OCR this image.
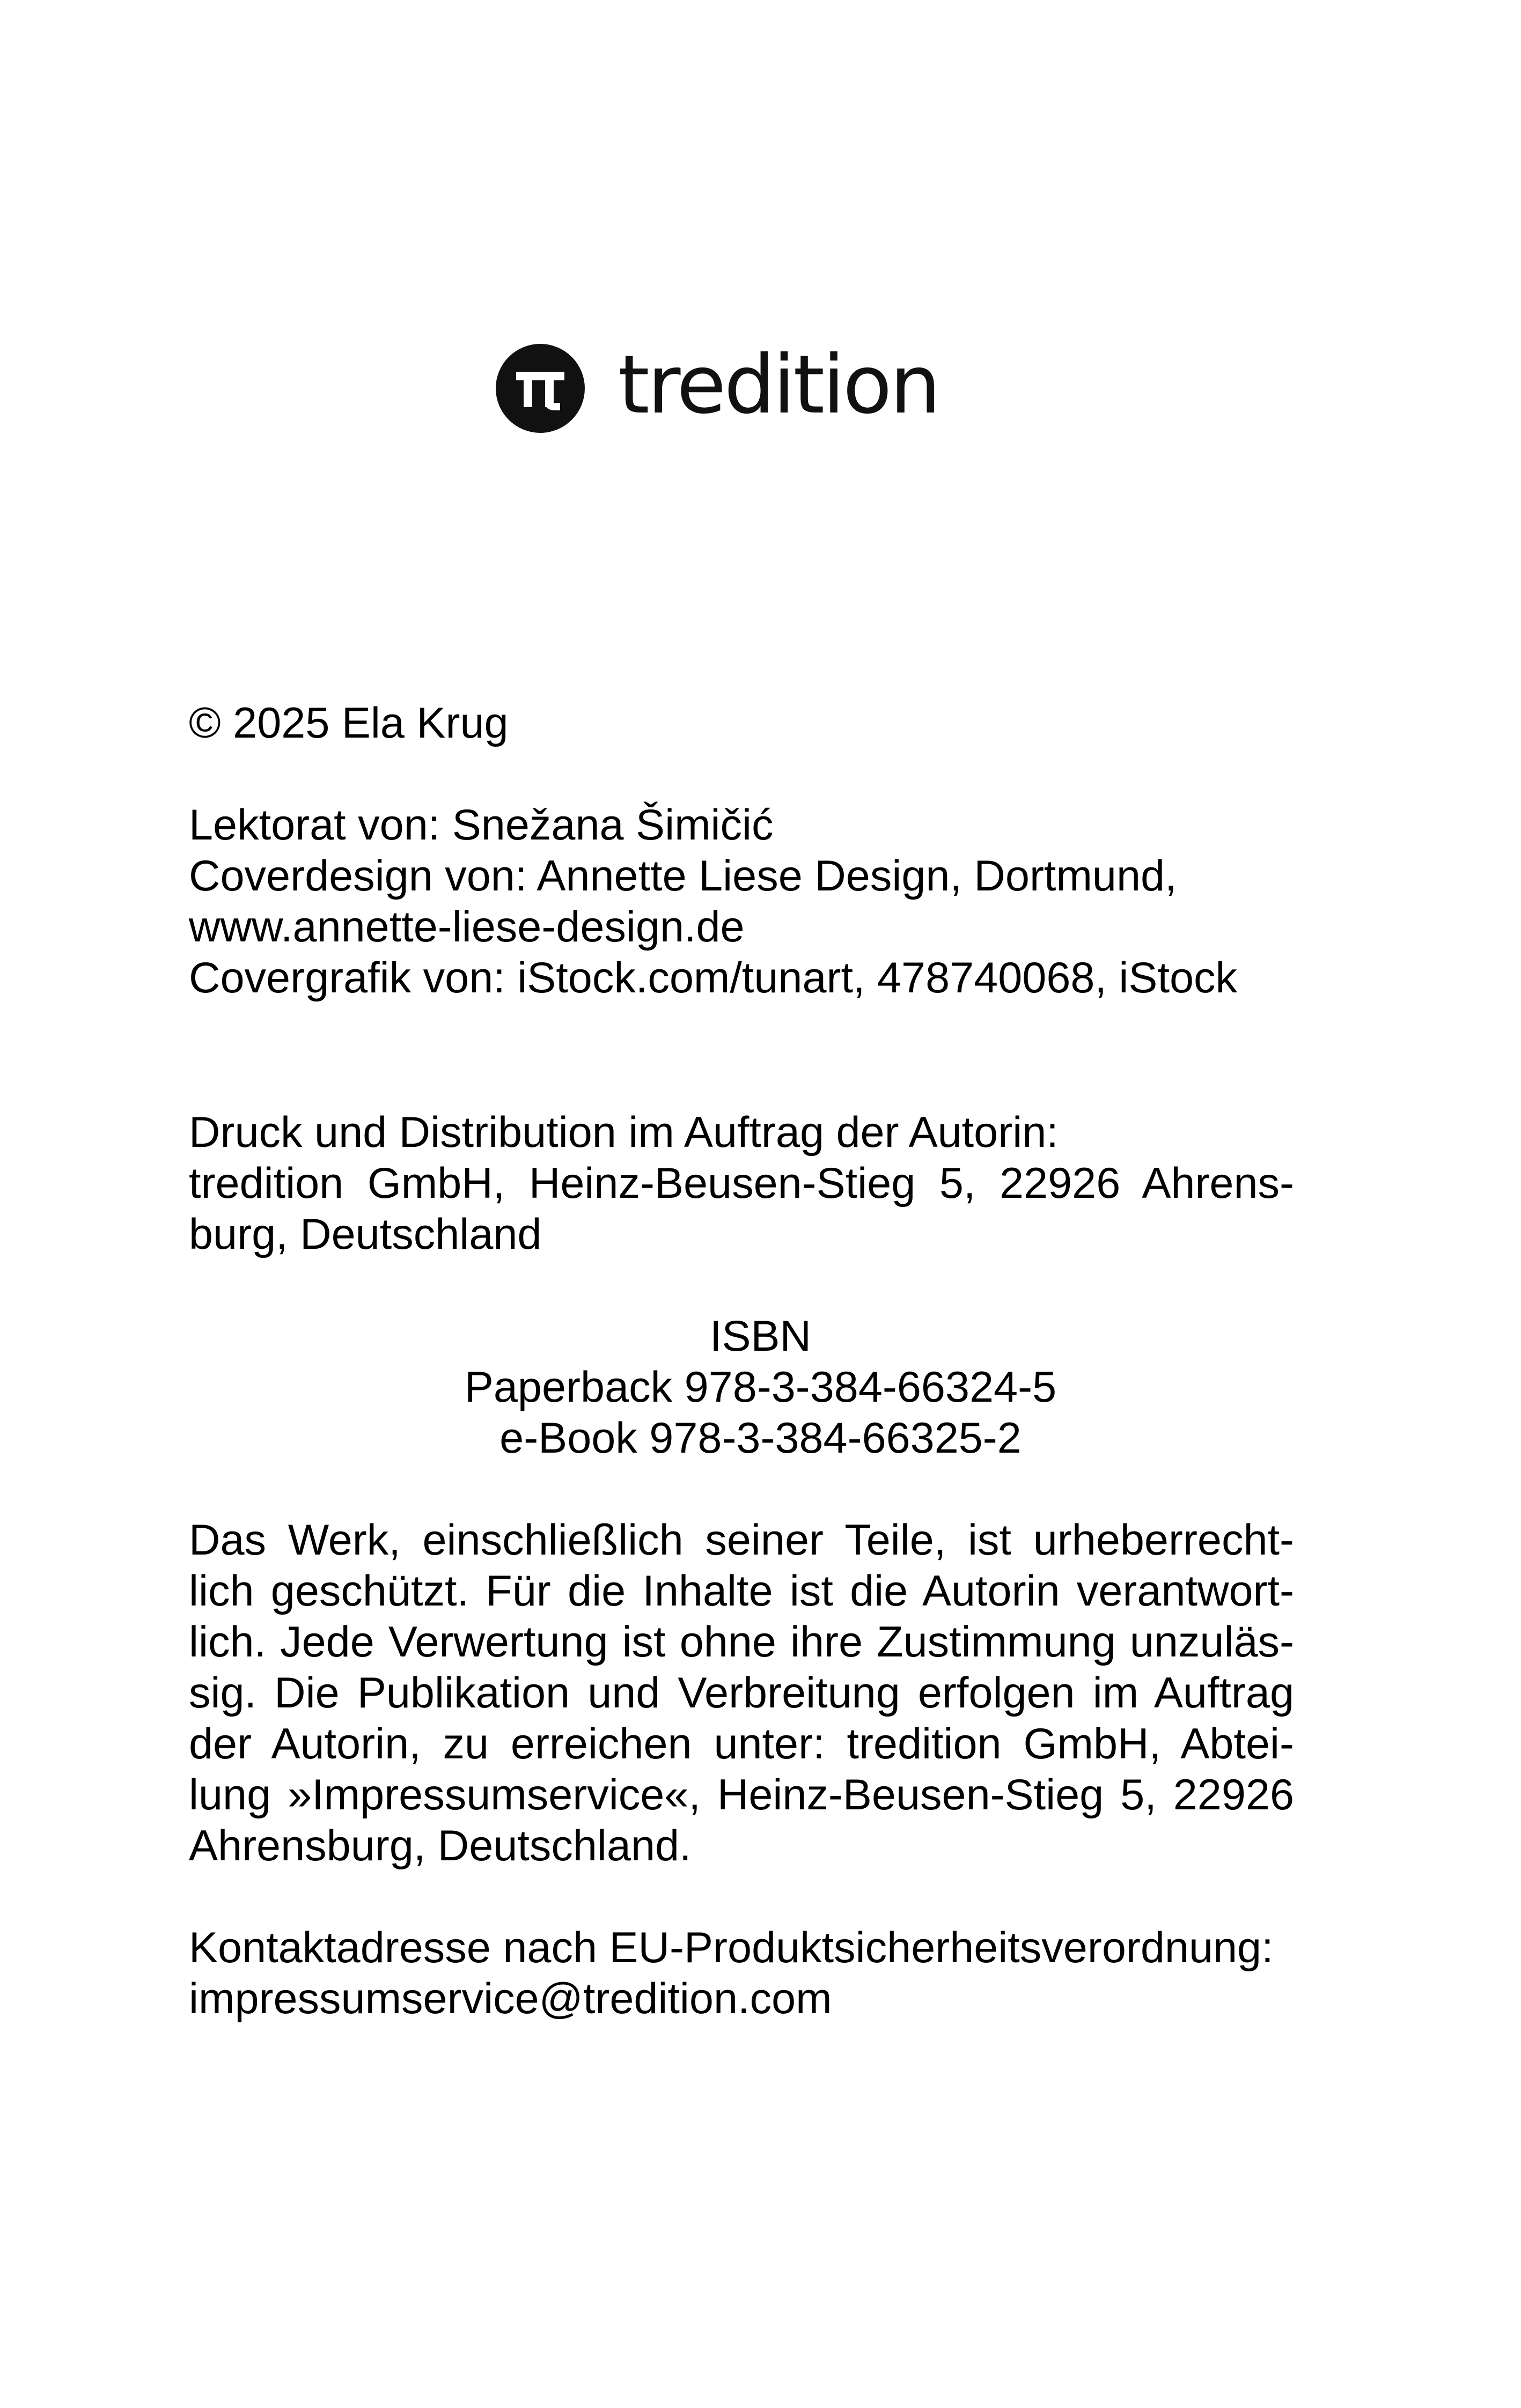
tredition
© 2025 Ela Krug
Lektorat von: Snežana Šimičić
Coverdesign von: Annette Liese Design, Dortmund,
www.annette-liese-design.de
Covergrafik von: iStock.com/tunart, 478740068, iStock
Druck und Distribution im Auftrag der Autorin:
tredition GmbH, Heinz-Beusen-Stieg 5, 22926 Ahrens-
burg, Deutschland
ISBN
Paperback 978-3-384-66324-5
e-Book 978-3-384-66325-2
Das Werk, einschließlich seiner Teile, ist urheberrecht-
lich geschützt. Für die Inhalte ist die Autorin verantwort-
lich. Jede Verwertung ist ohne ihre Zustimmung unzuläs-
sig. Die Publikation und Verbreitung erfolgen im Auftrag
der Autorin, zu erreichen unter: tredition GmbH, Abtei-
lung »Impressumservice«, Heinz-Beusen-Stieg 5, 22926
Ahrensburg, Deutschland.
Kontaktadresse nach EU-Produktsicherheitsverordnung:
impressumservice@tredition.com
